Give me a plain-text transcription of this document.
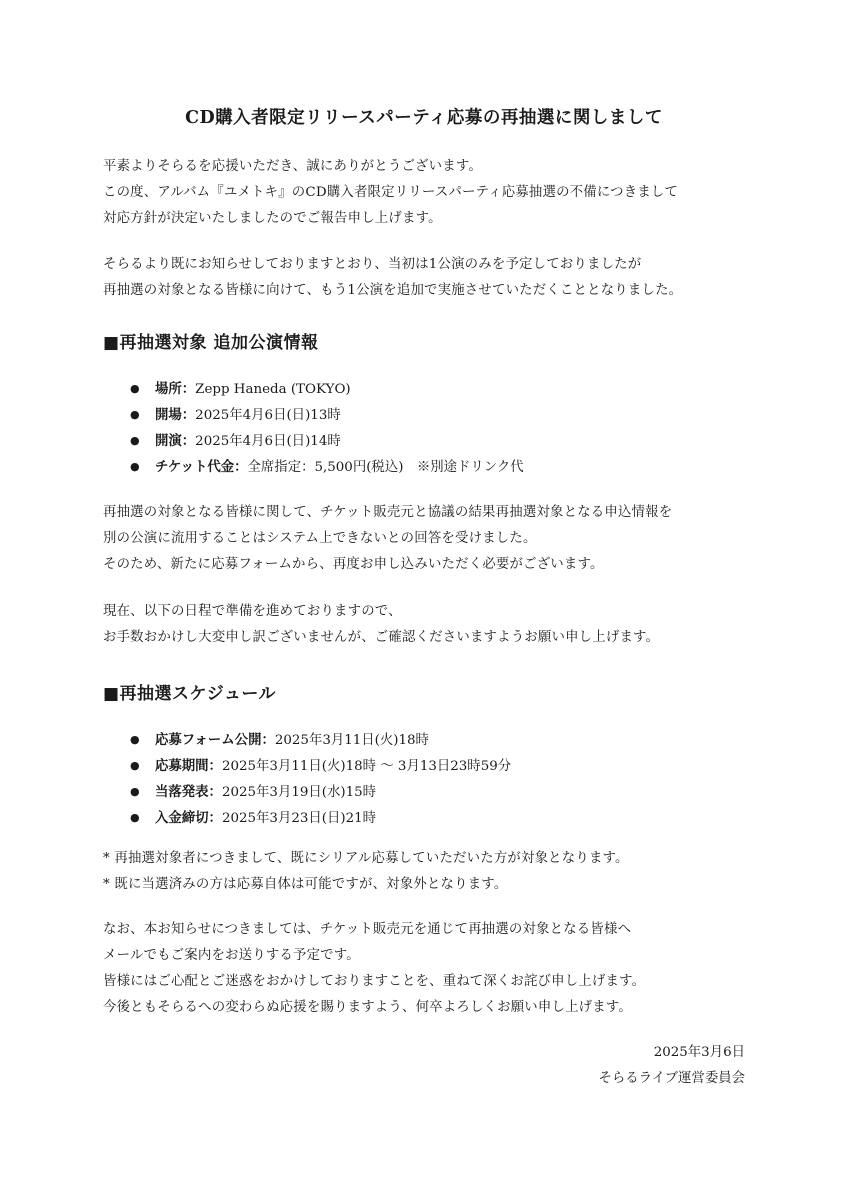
CD購入者限定リリースパーティ応募の再抽選に関しまして
平素よりそらるを応援いただき、誠にありがとうございます。
この度、アルバム『ユメトキ』のCD購入者限定リリースパーティ応募抽選の不備につきまして
対応方針が決定いたしましたのでご報告申し上げます。
そらるより既にお知らせしておりますとおり、当初は1公演のみを予定しておりましたが
再抽選の対象となる皆様に向けて、もう1公演を追加で実施させていただくこととなりました。
■再抽選対象 追加公演情報
● 場所：Zepp Haneda (TOKYO)
● 開場：2025年4月6日(日)13時
● 開演：2025年4月6日(日)14時
● チケット代金：全席指定：5,500円(税込)　※別途ドリンク代
再抽選の対象となる皆様に関して、チケット販売元と協議の結果再抽選対象となる申込情報を
別の公演に流用することはシステム上できないとの回答を受けました。
そのため、新たに応募フォームから、再度お申し込みいただく必要がございます。
現在、以下の日程で準備を進めておりますので、
お手数おかけし大変申し訳ございませんが、ご確認くださいますようお願い申し上げます。
■再抽選スケジュール
● 応募フォーム公開：2025年3月11日(火)18時
● 応募期間：2025年3月11日(火)18時 ～ 3月13日23時59分
● 当落発表：2025年3月19日(水)15時
● 入金締切：2025年3月23日(日)21時
* 再抽選対象者につきまして、既にシリアル応募していただいた方が対象となります。
* 既に当選済みの方は応募自体は可能ですが、対象外となります。
なお、本お知らせにつきましては、チケット販売元を通じて再抽選の対象となる皆様へ
メールでもご案内をお送りする予定です。
皆様にはご心配とご迷惑をおかけしておりますことを、重ねて深くお詫び申し上げます。
今後ともそらるへの変わらぬ応援を賜りますよう、何卒よろしくお願い申し上げます。
2025年3月6日
そらるライブ運営委員会
